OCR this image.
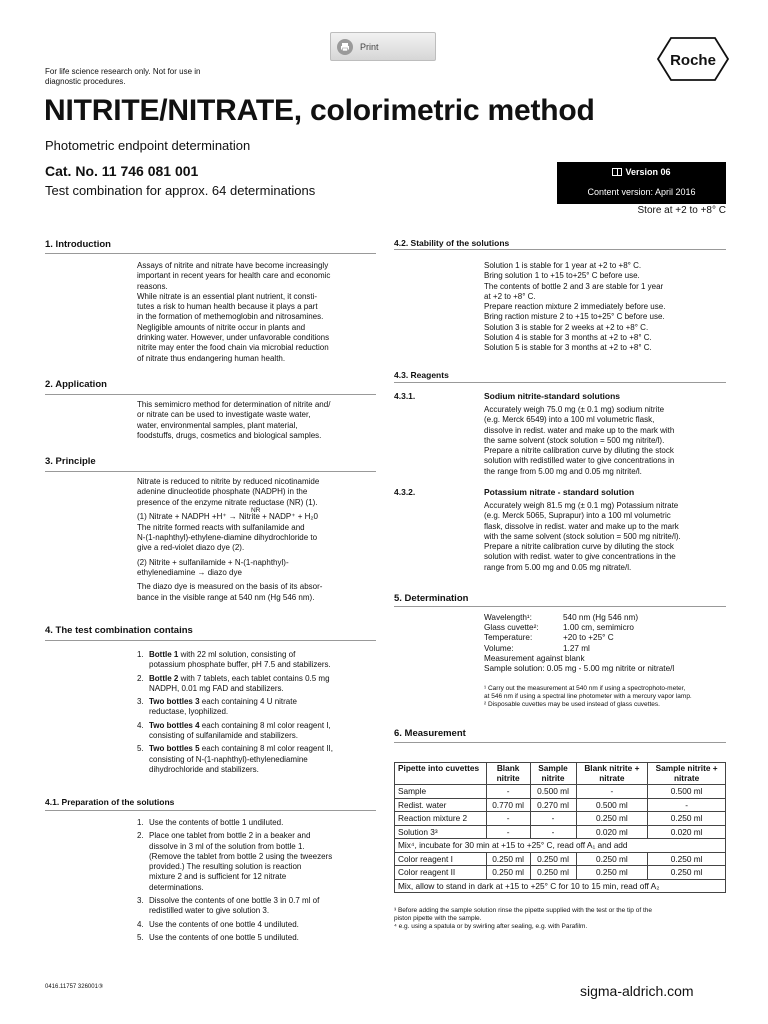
Print
Roche
For life science research only. Not for use in
diagnostic procedures.
NITRITE/NITRATE, colorimetric method
Photometric endpoint determination
Cat. No. 11 746 081 001
Test combination for approx. 64 determinations
Version 06
Content version: April 2016
Store at +2 to +8° C
1. Introduction
Assays of nitrite and nitrate have become increasingly
important in recent years for health care and economic
reasons.
While nitrate is an essential plant nutrient, it consti-
tutes a risk to human health because it plays a part
in the formation of methemoglobin and nitrosamines.
Negligible amounts of nitrite occur in plants and
drinking water. However, under unfavorable conditions
nitrite may enter the food chain via microbial reduction
of nitrate thus endangering human health.
2. Application
This semimicro method for determination of nitrite and/
or nitrate can be used to investigate waste water,
water, environmental samples, plant material,
foodstuffs, drugs, cosmetics and biological samples.
3. Principle
Nitrate is reduced to nitrite by reduced nicotinamide
adenine dinucleotide phosphate (NADPH) in the
presence of the enzyme nitrate reductase (NR) (1).
(1) Nitrate + NADPH +H⁺ → Nitrite + NADP⁺ + H₂0
NR
The nitrite formed reacts with sulfanilamide and
N-(1-naphthyl)-ethylene-diamine dihydrochloride to
give a red-violet diazo dye (2).
(2) Nitrite + sulfanilamide + N-(1-naphthyl)-
ethylenediamine → diazo dye
The diazo dye is measured on the basis of its absor-
bance in the visible range at 540 nm (Hg 546 nm).
4. The test combination contains
1. Bottle 1 with 22 ml solution, consisting of
potassium phosphate buffer, pH 7.5 and stabilizers.
2. Bottle 2 with 7 tablets, each tablet contains 0.5 mg
NADPH, 0.01 mg FAD and stabilizers.
3. Two bottles 3 each containing 4 U nitrate
reductase, lyophilized.
4. Two bottles 4 each containing 8 ml color reagent I,
consisting of sulfanilamide and stabilizers.
5. Two bottles 5 each containing 8 ml color reagent II,
consisting of N-(1-naphthyl)-ethylenediamine
dihydrochloride and stabilizers.
4.1. Preparation of the solutions
1. Use the contents of bottle 1 undiluted.
2. Place one tablet from bottle 2 in a beaker and
dissolve in 3 ml of the solution from bottle 1.
(Remove the tablet from bottle 2 using the tweezers
provided.) The resulting solution is reaction
mixture 2 and is sufficient for 12 nitrate
determinations.
3. Dissolve the contents of one bottle 3 in 0.7 ml of
redistilled water to give solution 3.
4. Use the contents of one bottle 4 undiluted.
5. Use the contents of one bottle 5 undiluted.
4.2. Stability of the solutions
Solution 1 is stable for 1 year at +2 to +8° C.
Bring solution 1 to +15 to+25° C before use.
The contents of bottle 2 and 3 are stable for 1 year
at +2 to +8° C.
Prepare reaction mixture 2 immediately before use.
Bring raction misture 2 to +15 to+25° C before use.
Solution 3 is stable for 2 weeks at +2 to +8° C.
Solution 4 is stable for 3 months at +2 to +8° C.
Solution 5 is stable for 3 months at +2 to +8° C.
4.3. Reagents
4.3.1.	Sodium nitrite-standard solutions
Accurately weigh 75.0 mg (± 0.1 mg) sodium nitrite
(e.g. Merck 6549) into a 100 ml volumetric flask,
dissolve in redist. water and make up to the mark with
the same solvent (stock solution = 500 mg nitrite/l).
Prepare a nitrite calibration curve by diluting the stock
solution with redistilled water to give concentrations in
the range from 5.00 mg and 0.05 mg nitrite/l.
4.3.2.	Potassium nitrate - standard solution
Accurately weigh 81.5 mg (± 0.1 mg) Potassium nitrate
(e.g. Merck 5065, Suprapur) into a 100 ml volumetric
flask, dissolve in redist. water and make up to the mark
with the same solvent (stock solution = 500 mg nitrite/l).
Prepare a nitrite calibration curve by diluting the stock
solution with redist. water to give concentrations in the
range from 5.00 mg and 0.05 mg nitrate/l.
5. Determination
Wavelength¹:	540 nm (Hg 546 nm)
Glass cuvette²:	1.00 cm, semimicro
Temperature:	+20 to +25° C
Volume:	1.27 ml
Measurement against blank
Sample solution: 0.05 mg - 5.00 mg nitrite or nitrate/l
¹ Carry out the measurement at 540 nm if using a spectrophoto-meter,
at 546 nm if using a spectral line photometer with a mercury vapor lamp.
² Disposable cuvettes may be used instead of glass cuvettes.
6. Measurement
Pipette into cuvettes	Blank nitrite	Sample nitrite	Blank nitrite + nitrate	Sample nitrite + nitrate
Sample	-	0.500 ml	-	0.500 ml
Redist. water	0.770 ml	0.270 ml	0.500 ml	-
Reaction mixture 2	-	-	0.250 ml	0.250 ml
Solution 3³	-	-	0.020 ml	0.020 ml
Mix⁴, incubate for 30 min at +15 to +25° C, read off A₁ and add				
Color reagent I	0.250 ml	0.250 ml	0.250 ml	0.250 ml
Color reagent II	0.250 ml	0.250 ml	0.250 ml	0.250 ml
Mix, allow to stand in dark at +15 to +25° C for 10 to 15 min, read off A₂				
³ Before adding the sample solution rinse the pipette supplied with the test or the tip of the
piston pipette with the sample.
⁴ e.g. using a spatula or by swirling after sealing, e.g. with Parafilm.
0416.11757 326001③	sigma-aldrich.com
